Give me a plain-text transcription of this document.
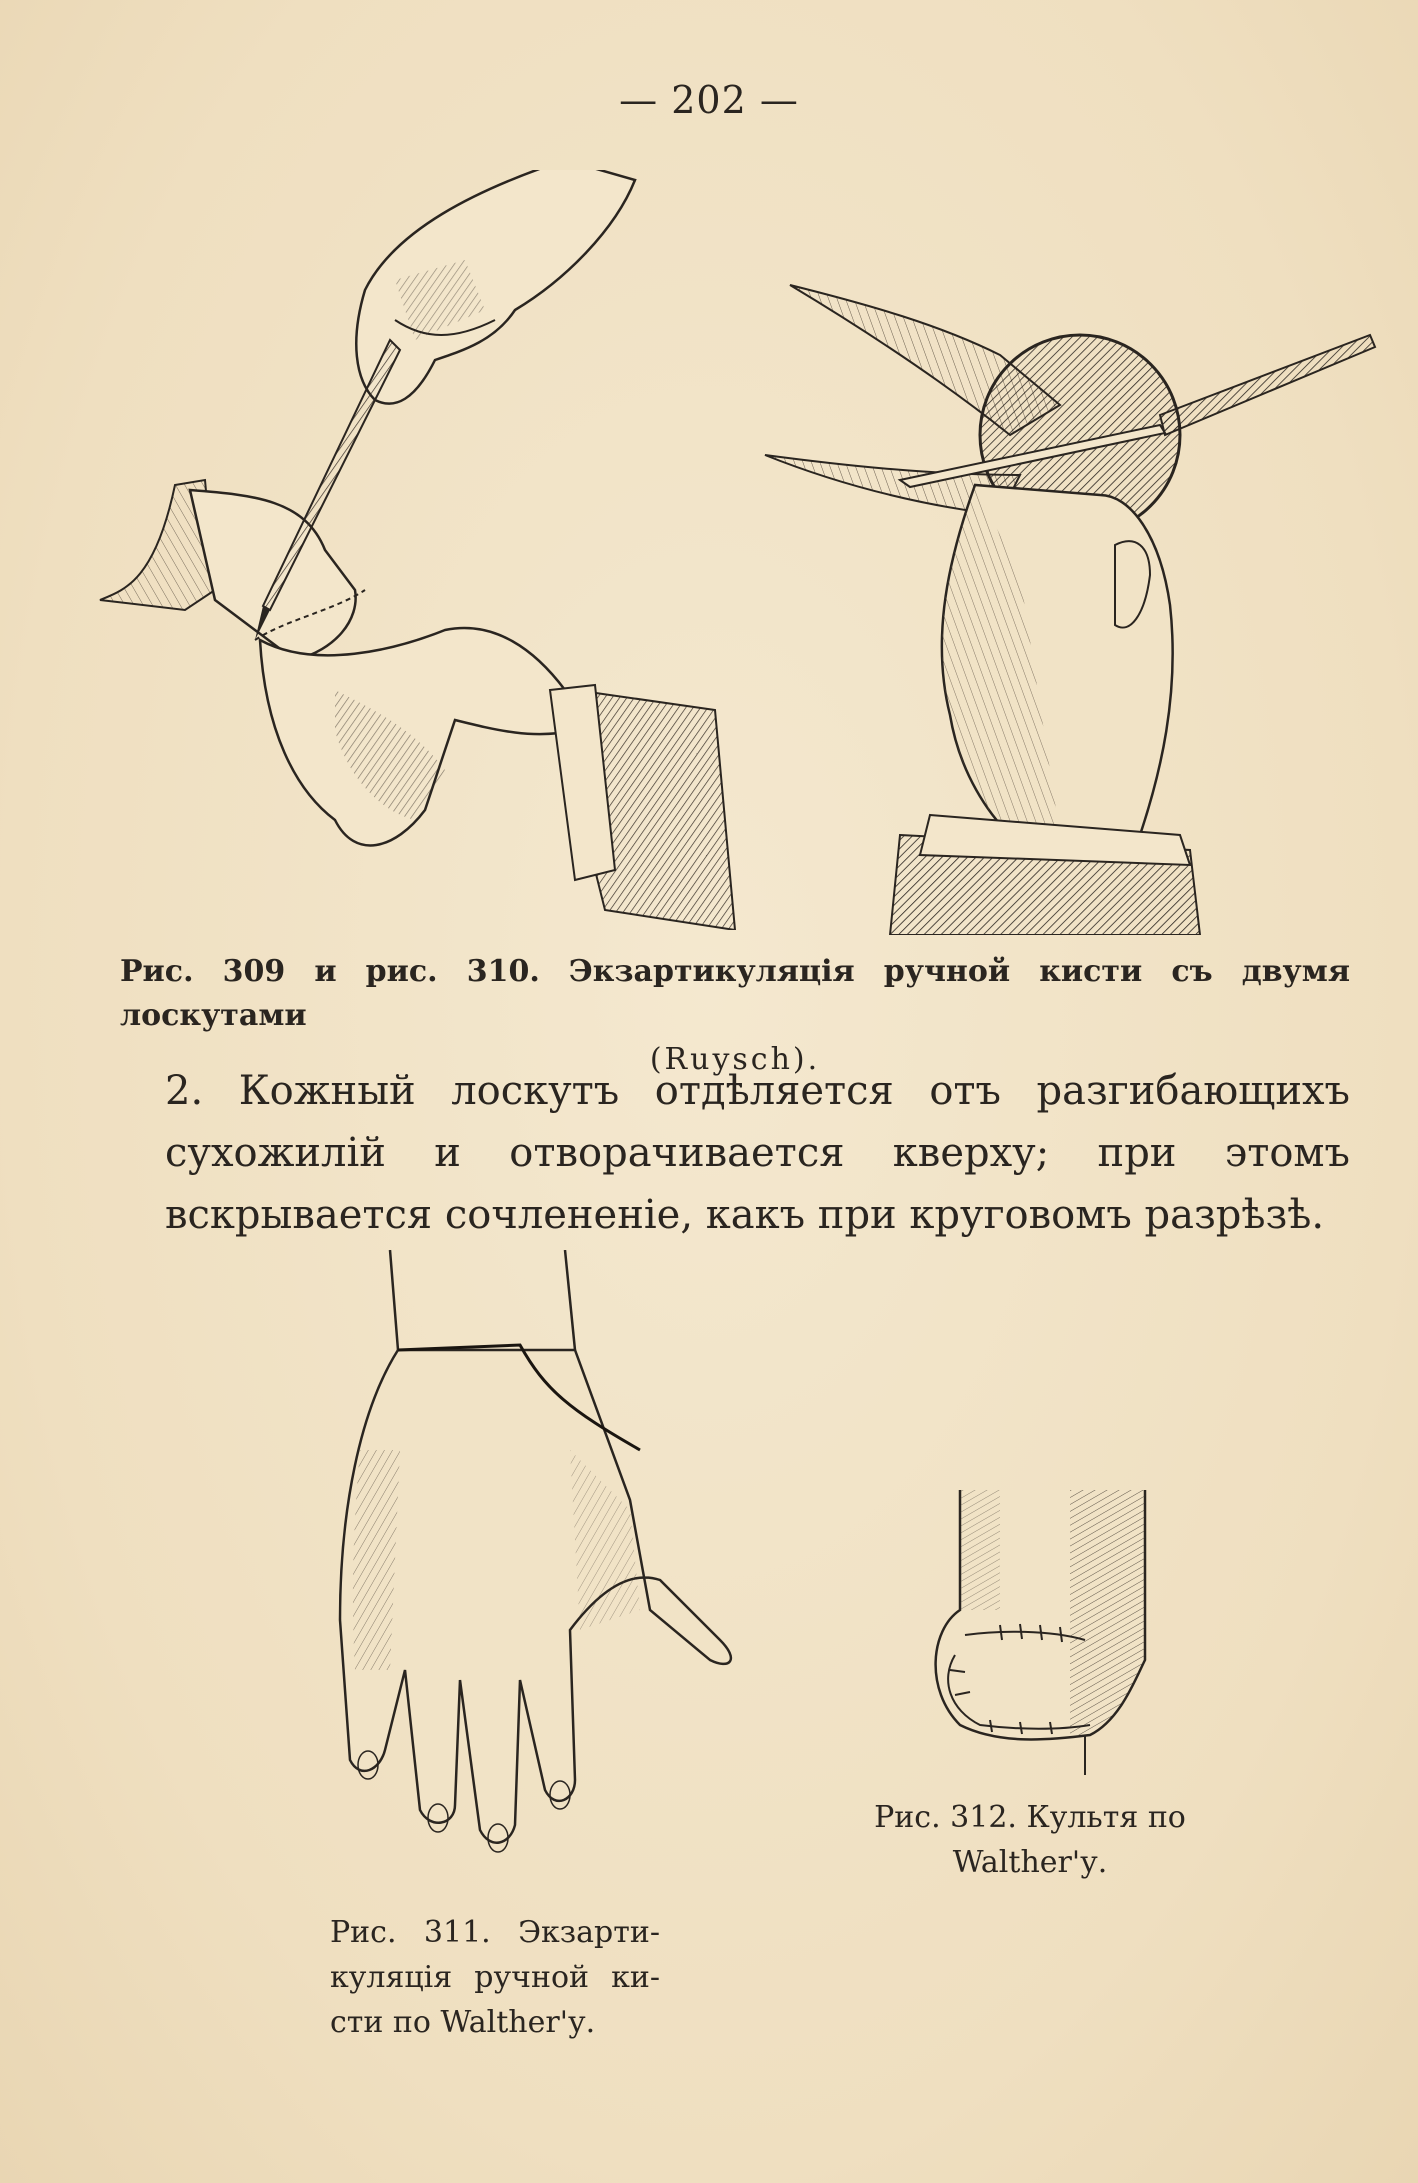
— 202 —
Рис. 309 и рис. 310. Экзартикуляція ручной кисти съ двумя лоскутами
(Ruysch).
2. Кожный лоскутъ отдѣляется отъ разгибающихъ сухожилій и отворачивается кверху; при этомъ вскрывается сочлененіе, какъ при круговомъ разрѣзѣ.
Рис. 311. Экзарти-куляція ручной ки-сти по Walther'у.
Рис. 312. Культя по Walther'у.
